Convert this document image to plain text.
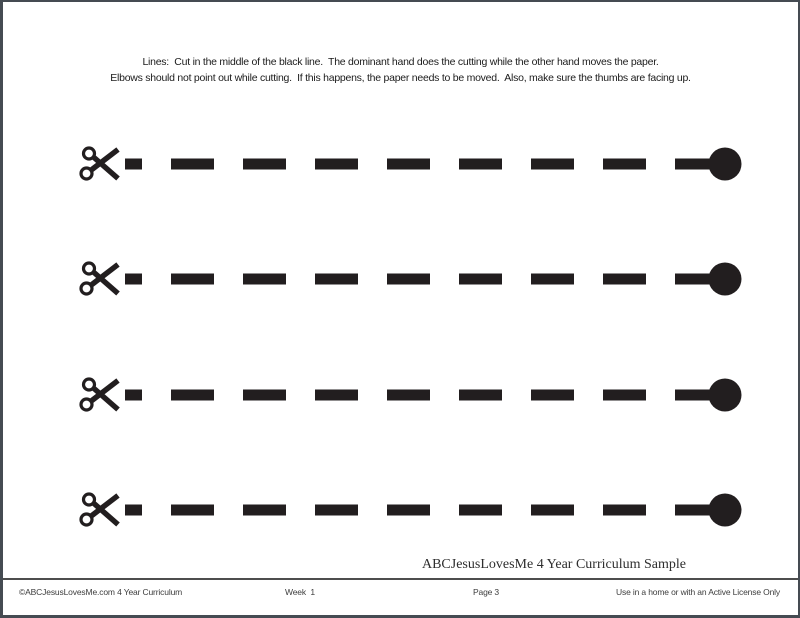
Lines:  Cut in the middle of the black line.  The dominant hand does the cutting while the other hand moves the paper.
Elbows should not point out while cutting.  If this happens, the paper needs to be moved.  Also, make sure the thumbs are facing up.
ABCJesusLovesMe 4 Year Curriculum Sample
©ABCJesusLovesMe.com 4 Year Curriculum	Week  1	Page 3	Use in a home or with an Active License Only
